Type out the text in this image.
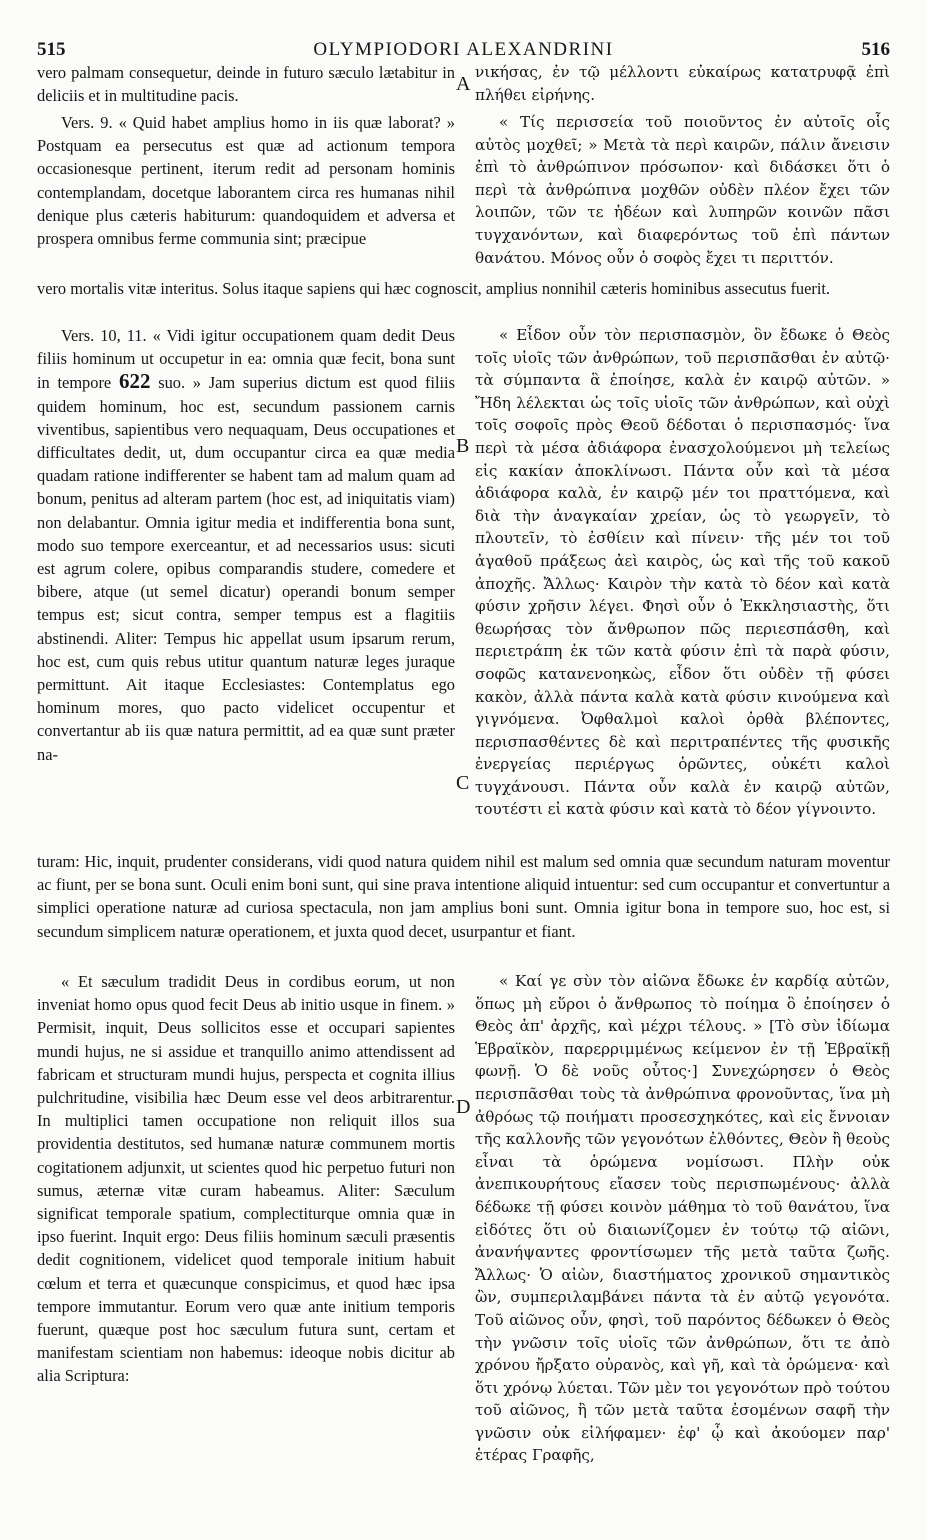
515	OLYMPIODORI ALEXANDRINI	516
A
B
C
D

vero palmam consequetur, deinde in futuro sæculo lætabitur in deliciis et in multitudine pacis.

νικήσας, ἐν τῷ μέλλοντι εὐκαίρως κατατρυφᾷ ἐπὶ πλήθει εἰρήνης.

Vers. 9. « Quid habet amplius homo in iis quæ laborat? » Postquam ea persecutus est quæ ad actionum tempora occasionesque pertinent, iterum redit ad personam hominis contemplandam, docetque laborantem circa res humanas nihil denique plus cæteris habiturum: quandoquidem et adversa et prospera omnibus ferme communia sint; præcipue

« Τίς περισσεία τοῦ ποιοῦντος ἐν αὐτοῖς οἷς αὐτὸς μοχθεῖ; » Μετὰ τὰ περὶ καιρῶν, πάλιν ἄνεισιν ἐπὶ τὸ ἀνθρώπινον πρόσωπον· καὶ διδάσκει ὅτι ὁ περὶ τὰ ἀνθρώπινα μοχθῶν οὐδὲν πλέον ἔχει τῶν λοιπῶν, τῶν τε ἡδέων καὶ λυπηρῶν κοινῶν πᾶσι τυγχανόντων, καὶ διαφερόντως τοῦ ἐπὶ πάντων θανάτου. Μόνος οὖν ὁ σοφὸς ἔχει τι περιττόν.

vero mortalis vitæ interitus. Solus itaque sapiens qui hæc cognoscit, amplius nonnihil cæteris hominibus assecutus fuerit.

Vers. 10, 11. « Vidi igitur occupationem quam dedit Deus filiis hominum ut occupetur in ea: omnia quæ fecit, bona sunt in tempore 622 suo. » Jam superius dictum est quod filiis quidem hominum, hoc est, secundum passionem carnis viventibus, sapientibus vero nequaquam, Deus occupationes et difficultates dedit, ut, dum occupantur circa ea quæ media quadam ratione indifferenter se habent tam ad malum quam ad bonum, penitus ad alteram partem (hoc est, ad iniquitatis viam) non delabantur. Omnia igitur media et indifferentia bona sunt, modo suo tempore exerceantur, et ad necessarios usus: sicuti est agrum colere, opibus comparandis studere, comedere et bibere, atque (ut semel dicatur) operandi bonum semper tempus est; sicut contra, semper tempus est a flagitiis abstinendi. Aliter: Tempus hic appellat usum ipsarum rerum, hoc est, cum quis rebus utitur quantum naturæ leges juraque permittunt. Ait itaque Ecclesiastes: Contemplatus ego hominum mores, quo pacto videlicet occupentur et convertantur ab iis quæ natura permittit, ad ea quæ sunt præter na-

« Εἶδον οὖν τὸν περισπασμὸν, ὃν ἔδωκε ὁ Θεὸς τοῖς υἱοῖς τῶν ἀνθρώπων, τοῦ περισπᾶσθαι ἐν αὐτῷ· τὰ σύμπαντα ἃ ἐποίησε, καλὰ ἐν καιρῷ αὐτῶν. » Ἤδη λέλεκται ὡς τοῖς υἱοῖς τῶν ἀνθρώπων, καὶ οὐχὶ τοῖς σοφοῖς πρὸς Θεοῦ δέδοται ὁ περισπασμός· ἵνα περὶ τὰ μέσα ἀδιάφορα ἐνασχολούμενοι μὴ τελείως εἰς κακίαν ἀποκλίνωσι. Πάντα οὖν καὶ τὰ μέσα ἀδιάφορα καλὰ, ἐν καιρῷ μέν τοι πραττόμενα, καὶ διὰ τὴν ἀναγκαίαν χρείαν, ὡς τὸ γεωργεῖν, τὸ πλουτεῖν, τὸ ἐσθίειν καὶ πίνειν· τῆς μέν τοι τοῦ ἀγαθοῦ πράξεως ἀεὶ καιρὸς, ὡς καὶ τῆς τοῦ κακοῦ ἀποχῆς. Ἄλλως· Καιρὸν τὴν κατὰ τὸ δέον καὶ κατὰ φύσιν χρῆσιν λέγει. Φησὶ οὖν ὁ Ἐκκλησιαστὴς, ὅτι θεωρήσας τὸν ἄνθρωπον πῶς περιεσπάσθη, καὶ περιετράπη ἐκ τῶν κατὰ φύσιν ἐπὶ τὰ παρὰ φύσιν, σοφῶς κατανενοηκὼς, εἶδον ὅτι οὐδὲν τῇ φύσει κακὸν, ἀλλὰ πάντα καλὰ κατὰ φύσιν κινούμενα καὶ γιγνόμενα. Ὀφθαλμοὶ καλοὶ ὀρθὰ βλέποντες, περισπασθέντες δὲ καὶ περιτραπέντες τῆς φυσικῆς ἐνεργείας περιέργως ὁρῶντες, οὐκέτι καλοὶ τυγχάνουσι. Πάντα οὖν καλὰ ἐν καιρῷ αὐτῶν, τουτέστι εἰ κατὰ φύσιν καὶ κατὰ τὸ δέον γίγνοιντο.

turam: Hic, inquit, prudenter considerans, vidi quod natura quidem nihil est malum sed omnia quæ secundum naturam moventur ac fiunt, per se bona sunt. Oculi enim boni sunt, qui sine prava intentione aliquid intuentur: sed cum occupantur et convertuntur a simplici operatione naturæ ad curiosa spectacula, non jam amplius boni sunt. Omnia igitur bona in tempore suo, hoc est, si secundum simplicem naturæ operationem, et juxta quod decet, usurpantur et fiant.

« Et sæculum tradidit Deus in cordibus eorum, ut non inveniat homo opus quod fecit Deus ab initio usque in finem. » Permisit, inquit, Deus sollicitos esse et occupari sapientes mundi hujus, ne si assidue et tranquillo animo attendissent ad fabricam et structuram mundi hujus, perspecta et cognita illius pulchritudine, visibilia hæc Deum esse vel deos arbitrarentur. In multiplici tamen occupatione non reliquit illos sua providentia destitutos, sed humanæ naturæ communem mortis cogitationem adjunxit, ut scientes quod hic perpetuo futuri non sumus, æternæ vitæ curam habeamus. Aliter: Sæculum significat temporale spatium, complectiturque omnia quæ in ipso fuerint. Inquit ergo: Deus filiis hominum sæculi præsentis dedit cognitionem, videlicet quod temporale initium habuit cœlum et terra et quæcunque conspicimus, et quod hæc ipsa tempore immutantur. Eorum vero quæ ante initium temporis fuerunt, quæque post hoc sæculum futura sunt, certam et manifestam scientiam non habemus: ideoque nobis dicitur ab alia Scriptura:

« Καί γε σὺν τὸν αἰῶνα ἔδωκε ἐν καρδίᾳ αὐτῶν, ὅπως μὴ εὕροι ὁ ἄνθρωπος τὸ ποίημα ὃ ἐποίησεν ὁ Θεὸς ἀπ' ἀρχῆς, καὶ μέχρι τέλους. » [Τὸ σὺν ἰδίωμα Ἑβραϊκὸν, παρερριμμένως κείμενον ἐν τῇ Ἑβραϊκῇ φωνῇ. Ὁ δὲ νοῦς οὗτος·] Συνεχώρησεν ὁ Θεὸς περισπᾶσθαι τοὺς τὰ ἀνθρώπινα φρονοῦντας, ἵνα μὴ ἀθρόως τῷ ποιήματι προσεσχηκότες, καὶ εἰς ἔννοιαν τῆς καλλονῆς τῶν γεγονότων ἐλθόντες, Θεὸν ἢ θεοὺς εἶναι τὰ ὁρώμενα νομίσωσι. Πλὴν οὐκ ἀνεπικουρήτους εἴασεν τοὺς περισπωμένους· ἀλλὰ δέδωκε τῇ φύσει κοινὸν μάθημα τὸ τοῦ θανάτου, ἵνα εἰδότες ὅτι οὐ διαιωνίζομεν ἐν τούτῳ τῷ αἰῶνι, ἀνανήψαντες φροντίσωμεν τῆς μετὰ ταῦτα ζωῆς. Ἄλλως· Ὁ αἰὼν, διαστήματος χρονικοῦ σημαντικὸς ὢν, συμπεριλαμβάνει πάντα τὰ ἐν αὐτῷ γεγονότα. Τοῦ αἰῶνος οὖν, φησὶ, τοῦ παρόντος δέδωκεν ὁ Θεὸς τὴν γνῶσιν τοῖς υἱοῖς τῶν ἀνθρώπων, ὅτι τε ἀπὸ χρόνου ἤρξατο οὐρανὸς, καὶ γῆ, καὶ τὰ ὁρώμενα· καὶ ὅτι χρόνῳ λύεται. Τῶν μὲν τοι γεγονότων πρὸ τούτου τοῦ αἰῶνος, ἢ τῶν μετὰ ταῦτα ἐσομένων σαφῆ τὴν γνῶσιν οὐκ εἰλήφαμεν· ἐφ' ᾧ καὶ ἀκούομεν παρ' ἑτέρας Γραφῆς,
